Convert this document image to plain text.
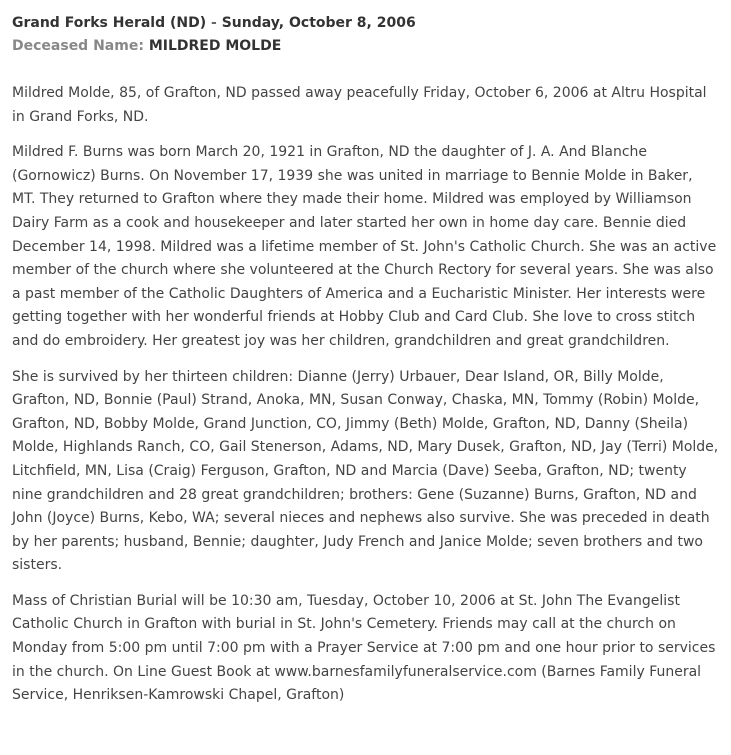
Grand Forks Herald (ND) - Sunday, October 8, 2006
Deceased Name: MILDRED MOLDE

Mildred Molde, 85, of Grafton, ND passed away peacefully Friday, October 6, 2006 at Altru Hospital in Grand Forks, ND.

Mildred F. Burns was born March 20, 1921 in Grafton, ND the daughter of J. A. And Blanche (Gornowicz) Burns. On November 17, 1939 she was united in marriage to Bennie Molde in Baker, MT. They returned to Grafton where they made their home. Mildred was employed by Williamson Dairy Farm as a cook and housekeeper and later started her own in home day care. Bennie died December 14, 1998. Mildred was a lifetime member of St. John's Catholic Church. She was an active member of the church where she volunteered at the Church Rectory for several years. She was also a past member of the Catholic Daughters of America and a Eucharistic Minister. Her interests were getting together with her wonderful friends at Hobby Club and Card Club. She love to cross stitch and do embroidery. Her greatest joy was her children, grandchildren and great grandchildren.

She is survived by her thirteen children: Dianne (Jerry) Urbauer, Dear Island, OR, Billy Molde, Grafton, ND, Bonnie (Paul) Strand, Anoka, MN, Susan Conway, Chaska, MN, Tommy (Robin) Molde, Grafton, ND, Bobby Molde, Grand Junction, CO, Jimmy (Beth) Molde, Grafton, ND, Danny (Sheila) Molde, Highlands Ranch, CO, Gail Stenerson, Adams, ND, Mary Dusek, Grafton, ND, Jay (Terri) Molde, Litchfield, MN, Lisa (Craig) Ferguson, Grafton, ND and Marcia (Dave) Seeba, Grafton, ND; twenty nine grandchildren and 28 great grandchildren; brothers: Gene (Suzanne) Burns, Grafton, ND and John (Joyce) Burns, Kebo, WA; several nieces and nephews also survive. She was preceded in death by her parents; husband, Bennie; daughter, Judy French and Janice Molde; seven brothers and two sisters.

Mass of Christian Burial will be 10:30 am, Tuesday, October 10, 2006 at St. John The Evangelist Catholic Church in Grafton with burial in St. John's Cemetery. Friends may call at the church on Monday from 5:00 pm until 7:00 pm with a Prayer Service at 7:00 pm and one hour prior to services in the church. On Line Guest Book at www.barnesfamilyfuneralservice.com (Barnes Family Funeral Service, Henriksen-Kamrowski Chapel, Grafton)
